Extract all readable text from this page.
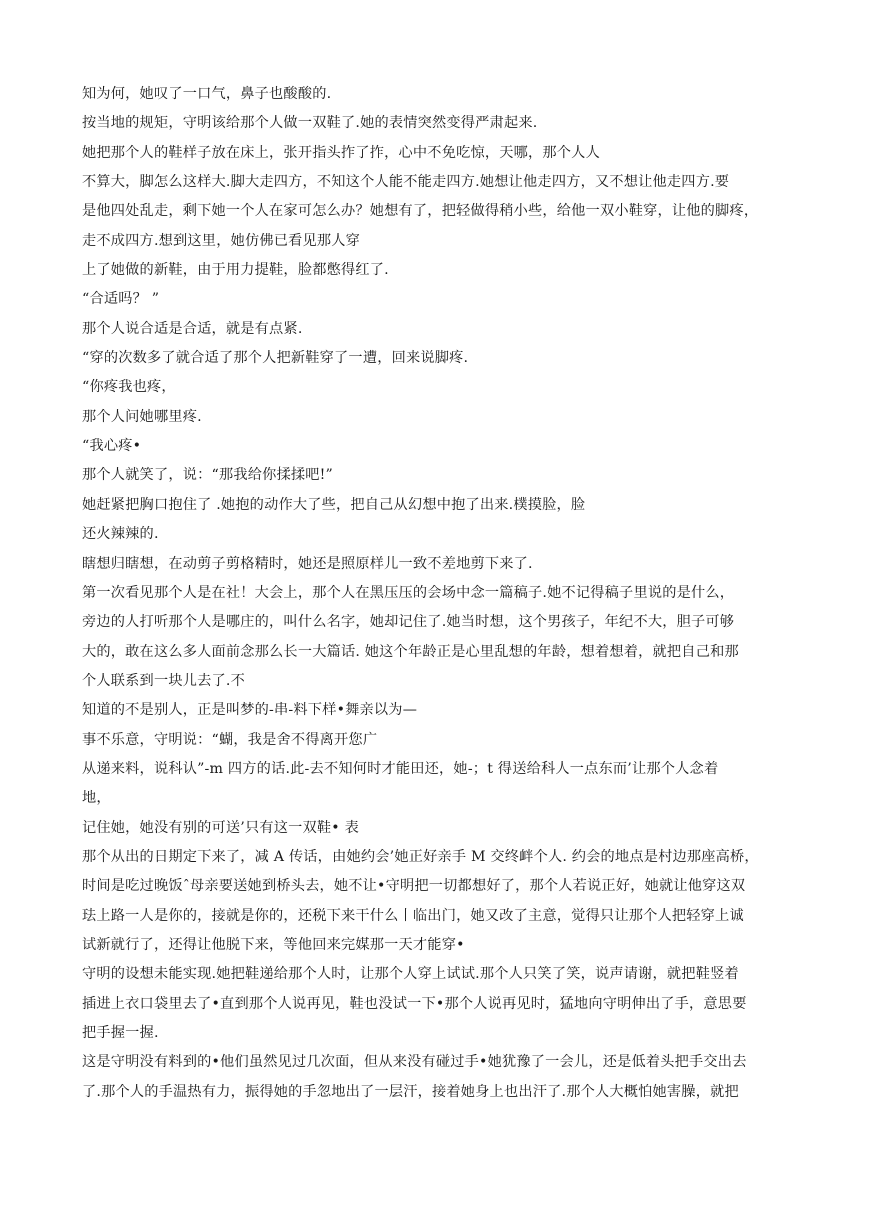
知为何，她叹了一口气，鼻子也酸酸的.
按当地的规矩，守明该给那个人做一双鞋了.她的表情突然变得严肃起来.
她把那个人的鞋样子放在床上，张开指头拃了拃，心中不免吃惊，天哪，那个人人
不算大，脚怎么这样大.脚大走四方，不知这个人能不能走四方.她想让他走四方，又不想让他走四方.要
是他四处乱走，剩下她一个人在家可怎么办？她想有了，把轻做得稍小些，给他一双小鞋穿，让他的脚疼，
走不成四方.想到这里，她仿佛已看见那人穿
上了她做的新鞋，由于用力提鞋，脸都憋得红了.
“合适吗？ ”
那个人说合适是合适，就是有点紧.
“穿的次数多了就合适了那个人把新鞋穿了一遭，回来说脚疼.
“你疼我也疼，
那个人问她哪里疼.
“我心疼•
那个人就笑了，说：“那我给你揉揉吧!”
她赶紧把胸口抱住了 .她抱的动作大了些，把自己从幻想中抱了出来.樸摸脸，脸
还火辣辣的.
瞎想归瞎想，在动剪子剪格精时，她还是照原样儿一致不差地剪下来了.
第一次看见那个人是在社！大会上，那个人在黑压压的会场中念一篇稿子.她不记得稿子里说的是什么，
旁边的人打听那个人是哪庄的，叫什么名字，她却记住了.她当时想，这个男孩子，年纪不大，胆子可够
大的，敢在这么多人面前念那么长一大篇话. 她这个年龄正是心里乱想的年龄，想着想着，就把自己和那
个人联系到一块儿去了.不
知道的不是别人，正是叫梦的-串-料下样•舞亲以为—
事不乐意，守明说：“蝴，我是舍不得离开您广
从递来料，说科认”-m 四方的话.此-去不知何时才能田还，她-；t 得送给科人一点东而’让那个人念着
地，
记住她，她没有别的可送’只有这一双鞋• 表
那个从出的日期定下来了，减 A 传话，由她约会’她正好亲手 M 交终衅个人. 约会的地点是村边那座高桥，
时间是吃过晚饭ˆ母亲要送她到桥头去，她不让•守明把一切都想好了，那个人若说正好，她就让他穿这双
珐上路一人是你的，接就是你的，还税下来干什么丨临出门，她又改了主意，觉得只让那个人把轻穿上诚
试新就行了，还得让他脱下来，等他回来完媒那一天才能穿•
守明的设想未能实现.她把鞋递给那个人时，让那个人穿上试试.那个人只笑了笑，说声请谢，就把鞋竖着
插进上衣口袋里去了•直到那个人说再见，鞋也没试一下•那个人说再见时，猛地向守明伸出了手，意思要
把手握一握.
这是守明没有料到的•他们虽然见过几次面，但从来没有碰过手•她犹豫了一会儿，还是低着头把手交出去
了.那个人的手温热有力，振得她的手忽地出了一层汗，接着她身上也出汗了.那个人大概怕她害臊，就把
